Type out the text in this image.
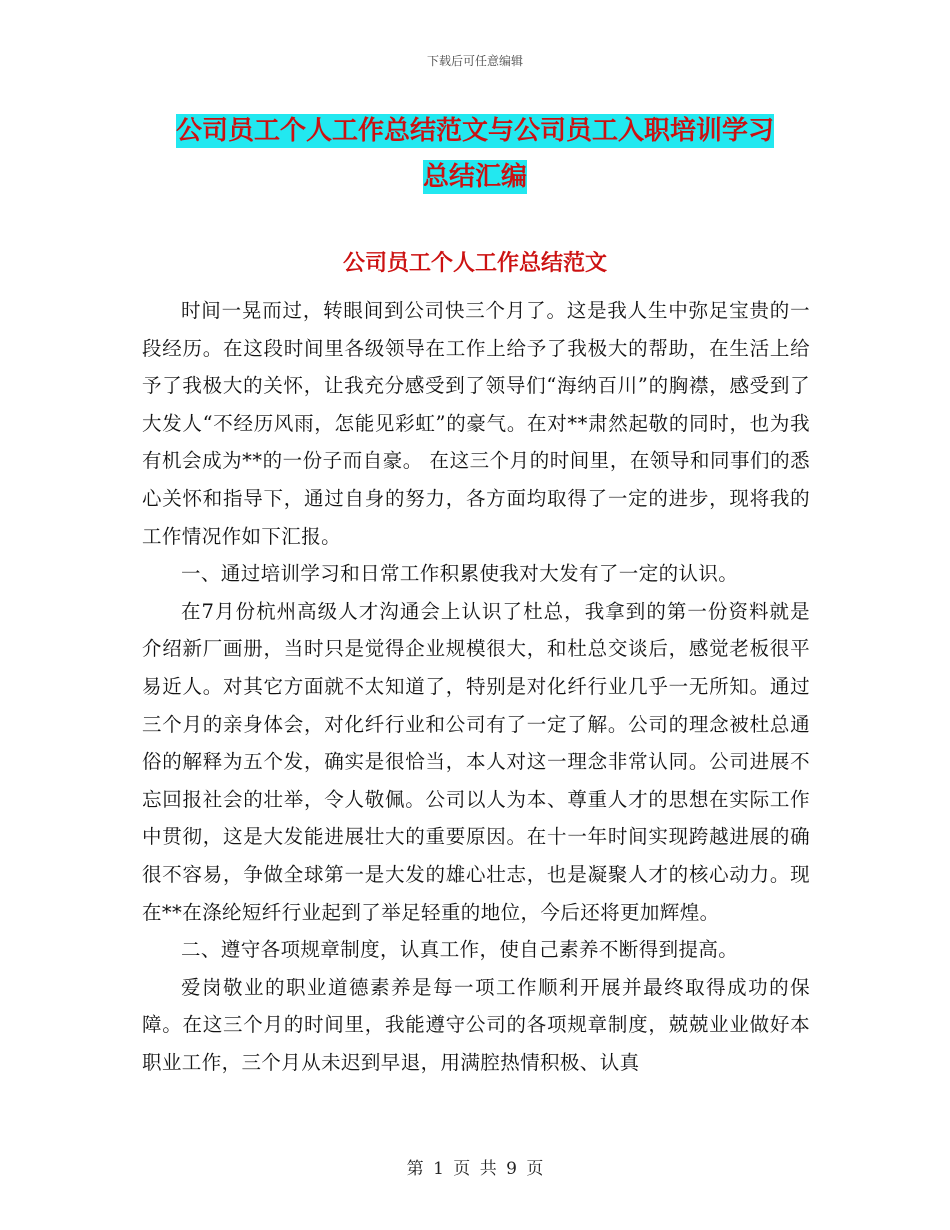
下载后可任意编辑
公司员工个人工作总结范文与公司员工入职培训学习
总结汇编
公司员工个人工作总结范文

时间一晃而过，转眼间到公司快三个月了。这是我人生中弥足宝贵的一段经历。在这段时间里各级领导在工作上给予了我极大的帮助，在生活上给予了我极大的关怀，让我充分感受到了领导们“海纳百川”的胸襟，感受到了大发人“不经历风雨，怎能见彩虹”的豪气。在对**肃然起敬的同时，也为我有机会成为**的一份子而自豪。 在这三个月的时间里，在领导和同事们的悉心关怀和指导下，通过自身的努力，各方面均取得了一定的进步，现将我的工作情况作如下汇报。

一、通过培训学习和日常工作积累使我对大发有了一定的认识。

在7月份杭州高级人才沟通会上认识了杜总，我拿到的第一份资料就是介绍新厂画册，当时只是觉得企业规模很大，和杜总交谈后，感觉老板很平易近人。对其它方面就不太知道了，特别是对化纤行业几乎一无所知。通过三个月的亲身体会，对化纤行业和公司有了一定了解。公司的理念被杜总通俗的解释为五个发，确实是很恰当，本人对这一理念非常认同。公司进展不忘回报社会的壮举，令人敬佩。公司以人为本、尊重人才的思想在实际工作中贯彻，这是大发能进展壮大的重要原因。在十一年时间实现跨越进展的确很不容易，争做全球第一是大发的雄心壮志，也是凝聚人才的核心动力。现在**在涤纶短纤行业起到了举足轻重的地位，今后还将更加辉煌。

二、遵守各项规章制度，认真工作，使自己素养不断得到提高。

爱岗敬业的职业道德素养是每一项工作顺利开展并最终取得成功的保障。在这三个月的时间里，我能遵守公司的各项规章制度，兢兢业业做好本职业工作，三个月从未迟到早退，用满腔热情积极、认真

第 1 页 共 9 页
